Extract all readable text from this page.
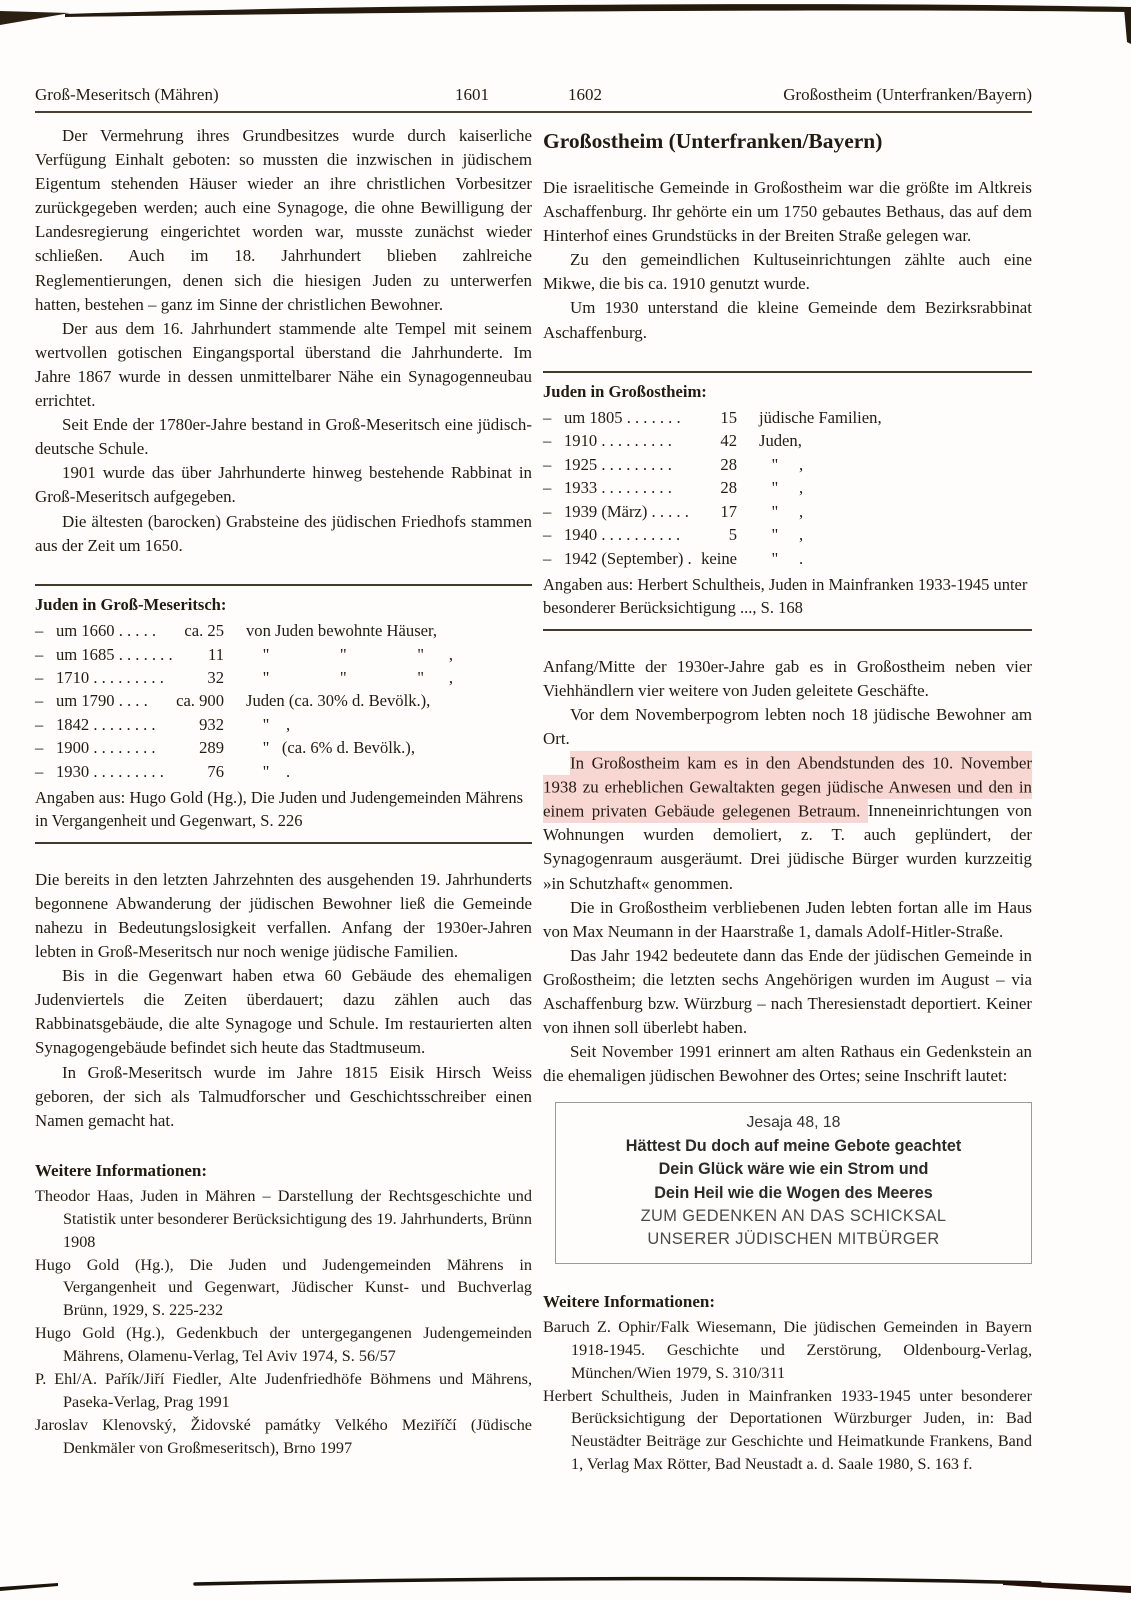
Groß-Meseritsch (Mähren)	1601	1602	Großostheim (Unterfranken/Bayern)

Der Vermehrung ihres Grundbesitzes wurde durch kaiserliche Verfügung Einhalt geboten: so mussten die inzwischen in jüdischem Eigentum stehenden Häuser wieder an ihre christlichen Vorbesitzer zurückgegeben werden; auch eine Synagoge, die ohne Bewilligung der Landesregierung eingerichtet worden war, musste zunächst wieder schließen. Auch im 18. Jahrhundert blieben zahlreiche Reglementierungen, denen sich die hiesigen Juden zu unterwerfen hatten, bestehen – ganz im Sinne der christlichen Bewohner.

Der aus dem 16. Jahrhundert stammende alte Tempel mit seinem wertvollen gotischen Eingangsportal überstand die Jahrhunderte. Im Jahre 1867 wurde in dessen unmittelbarer Nähe ein Synagogenneubau errichtet.

Seit Ende der 1780er-Jahre bestand in Groß-Meseritsch eine jüdisch-deutsche Schule.

1901 wurde das über Jahrhunderte hinweg bestehende Rabbinat in Groß-Meseritsch aufgegeben.

Die ältesten (barocken) Grabsteine des jüdischen Friedhofs stammen aus der Zeit um 1650.

Juden in Groß-Meseritsch:
– um 1660 . . . . . ca. 25 von Juden bewohnte Häuser,
– um 1685 . . . . . . . 11 "                 "                 "      ,
– 1710 . . . . . . . . .	32 "                 "                 "      ,
– um 1790 . . . . ca. 900 Juden (ca. 30% d. Bevölk.),
– 1842 . . . . . . . .	932 "    ,
– 1900 . . . . . . . .	289 "   (ca. 6% d. Bevölk.),
– 1930 . . . . . . . . .	76 "    .
Angaben aus: Hugo Gold (Hg.), Die Juden und Judengemeinden Mährens in Vergangenheit und Gegenwart, S. 226

Die bereits in den letzten Jahrzehnten des ausgehenden 19. Jahrhunderts begonnene Abwanderung der jüdischen Bewohner ließ die Gemeinde nahezu in Bedeutungslosigkeit verfallen. Anfang der 1930er-Jahren lebten in Groß-Meseritsch nur noch wenige jüdische Familien.

Bis in die Gegenwart haben etwa 60 Gebäude des ehemaligen Judenviertels die Zeiten überdauert; dazu zählen auch das Rabbinatsgebäude, die alte Synagoge und Schule. Im restaurierten alten Synagogengebäude befindet sich heute das Stadtmuseum.

In Groß-Meseritsch wurde im Jahre 1815 Eisik Hirsch Weiss geboren, der sich als Talmudforscher und Geschichtsschreiber einen Namen gemacht hat.

Weitere Informationen:

Theodor Haas, Juden in Mähren – Darstellung der Rechtsgeschichte und Statistik unter besonderer Berücksichtigung des 19. Jahrhunderts, Brünn 1908

Hugo Gold (Hg.), Die Juden und Judengemeinden Mährens in Vergangenheit und Gegenwart, Jüdischer Kunst- und Buchverlag Brünn, 1929, S. 225-232

Hugo Gold (Hg.), Gedenkbuch der untergegangenen Judengemeinden Mährens, Olamenu-Verlag, Tel Aviv 1974, S. 56/57

P. Ehl/A. Pařík/Jiří Fiedler, Alte Judenfriedhöfe Böhmens und Mährens, Paseka-Verlag, Prag 1991

Jaroslav Klenovský, Židovské památky Velkého Meziříčí (Jüdische Denkmäler von Großmeseritsch), Brno 1997

Großostheim (Unterfranken/Bayern)

Die israelitische Gemeinde in Großostheim war die größte im Altkreis Aschaffenburg. Ihr gehörte ein um 1750 gebautes Bethaus, das auf dem Hinterhof eines Grundstücks in der Breiten Straße gelegen war.

Zu den gemeindlichen Kultuseinrichtungen zählte auch eine Mikwe, die bis ca. 1910 genutzt wurde.

Um 1930 unterstand die kleine Gemeinde dem Bezirksrabbinat Aschaffenburg.

Juden in Großostheim:
– um 1805 . . . . . . . 15 jüdische Familien,
– 1910 . . . . . . . . .	42 Juden,
– 1925 . . . . . . . . .	28 "     ,
– 1933 . . . . . . . . .	28 "     ,
– 1939 (März) . . . . . 17 "     ,
– 1940 . . . . . . . . . .	5 "     ,
– 1942 (September) . keine "     .
Angaben aus: Herbert Schultheis, Juden in Mainfranken 1933-1945 unter besonderer Berücksichtigung ..., S. 168

Anfang/Mitte der 1930er-Jahre gab es in Großostheim neben vier Viehhändlern vier weitere von Juden geleitete Geschäfte.

Vor dem Novemberpogrom lebten noch 18 jüdische Bewohner am Ort.

In Großostheim kam es in den Abendstunden des 10. November 1938 zu erheblichen Gewaltakten gegen jüdische Anwesen und den in einem privaten Gebäude gelegenen Betraum. Inneneinrichtungen von Wohnungen wurden demoliert, z. T. auch geplündert, der Synagogenraum ausgeräumt. Drei jüdische Bürger wurden kurzzeitig »in Schutzhaft« genommen.

Die in Großostheim verbliebenen Juden lebten fortan alle im Haus von Max Neumann in der Haarstraße 1, damals Adolf-Hitler-Straße.

Das Jahr 1942 bedeutete dann das Ende der jüdischen Gemeinde in Großostheim; die letzten sechs Angehörigen wurden im August – via Aschaffenburg bzw. Würzburg – nach Theresienstadt deportiert. Keiner von ihnen soll überlebt haben.

Seit November 1991 erinnert am alten Rathaus ein Gedenkstein an die ehemaligen jüdischen Bewohner des Ortes; seine Inschrift lautet:

Jesaja 48, 18
Hättest Du doch auf meine Gebote geachtet
Dein Glück wäre wie ein Strom und
Dein Heil wie die Wogen des Meeres
ZUM GEDENKEN AN DAS SCHICKSAL
UNSERER JÜDISCHEN MITBÜRGER
Weitere Informationen:

Baruch Z. Ophir/Falk Wiesemann, Die jüdischen Gemeinden in Bayern 1918-1945. Geschichte und Zerstörung, Oldenbourg-Verlag, München/Wien 1979, S. 310/311

Herbert Schultheis, Juden in Mainfranken 1933-1945 unter besonderer Berücksichtigung der Deportationen Würzburger Juden, in: Bad Neustädter Beiträge zur Geschichte und Heimatkunde Frankens, Band 1, Verlag Max Rötter, Bad Neustadt a. d. Saale 1980, S. 163 f.
